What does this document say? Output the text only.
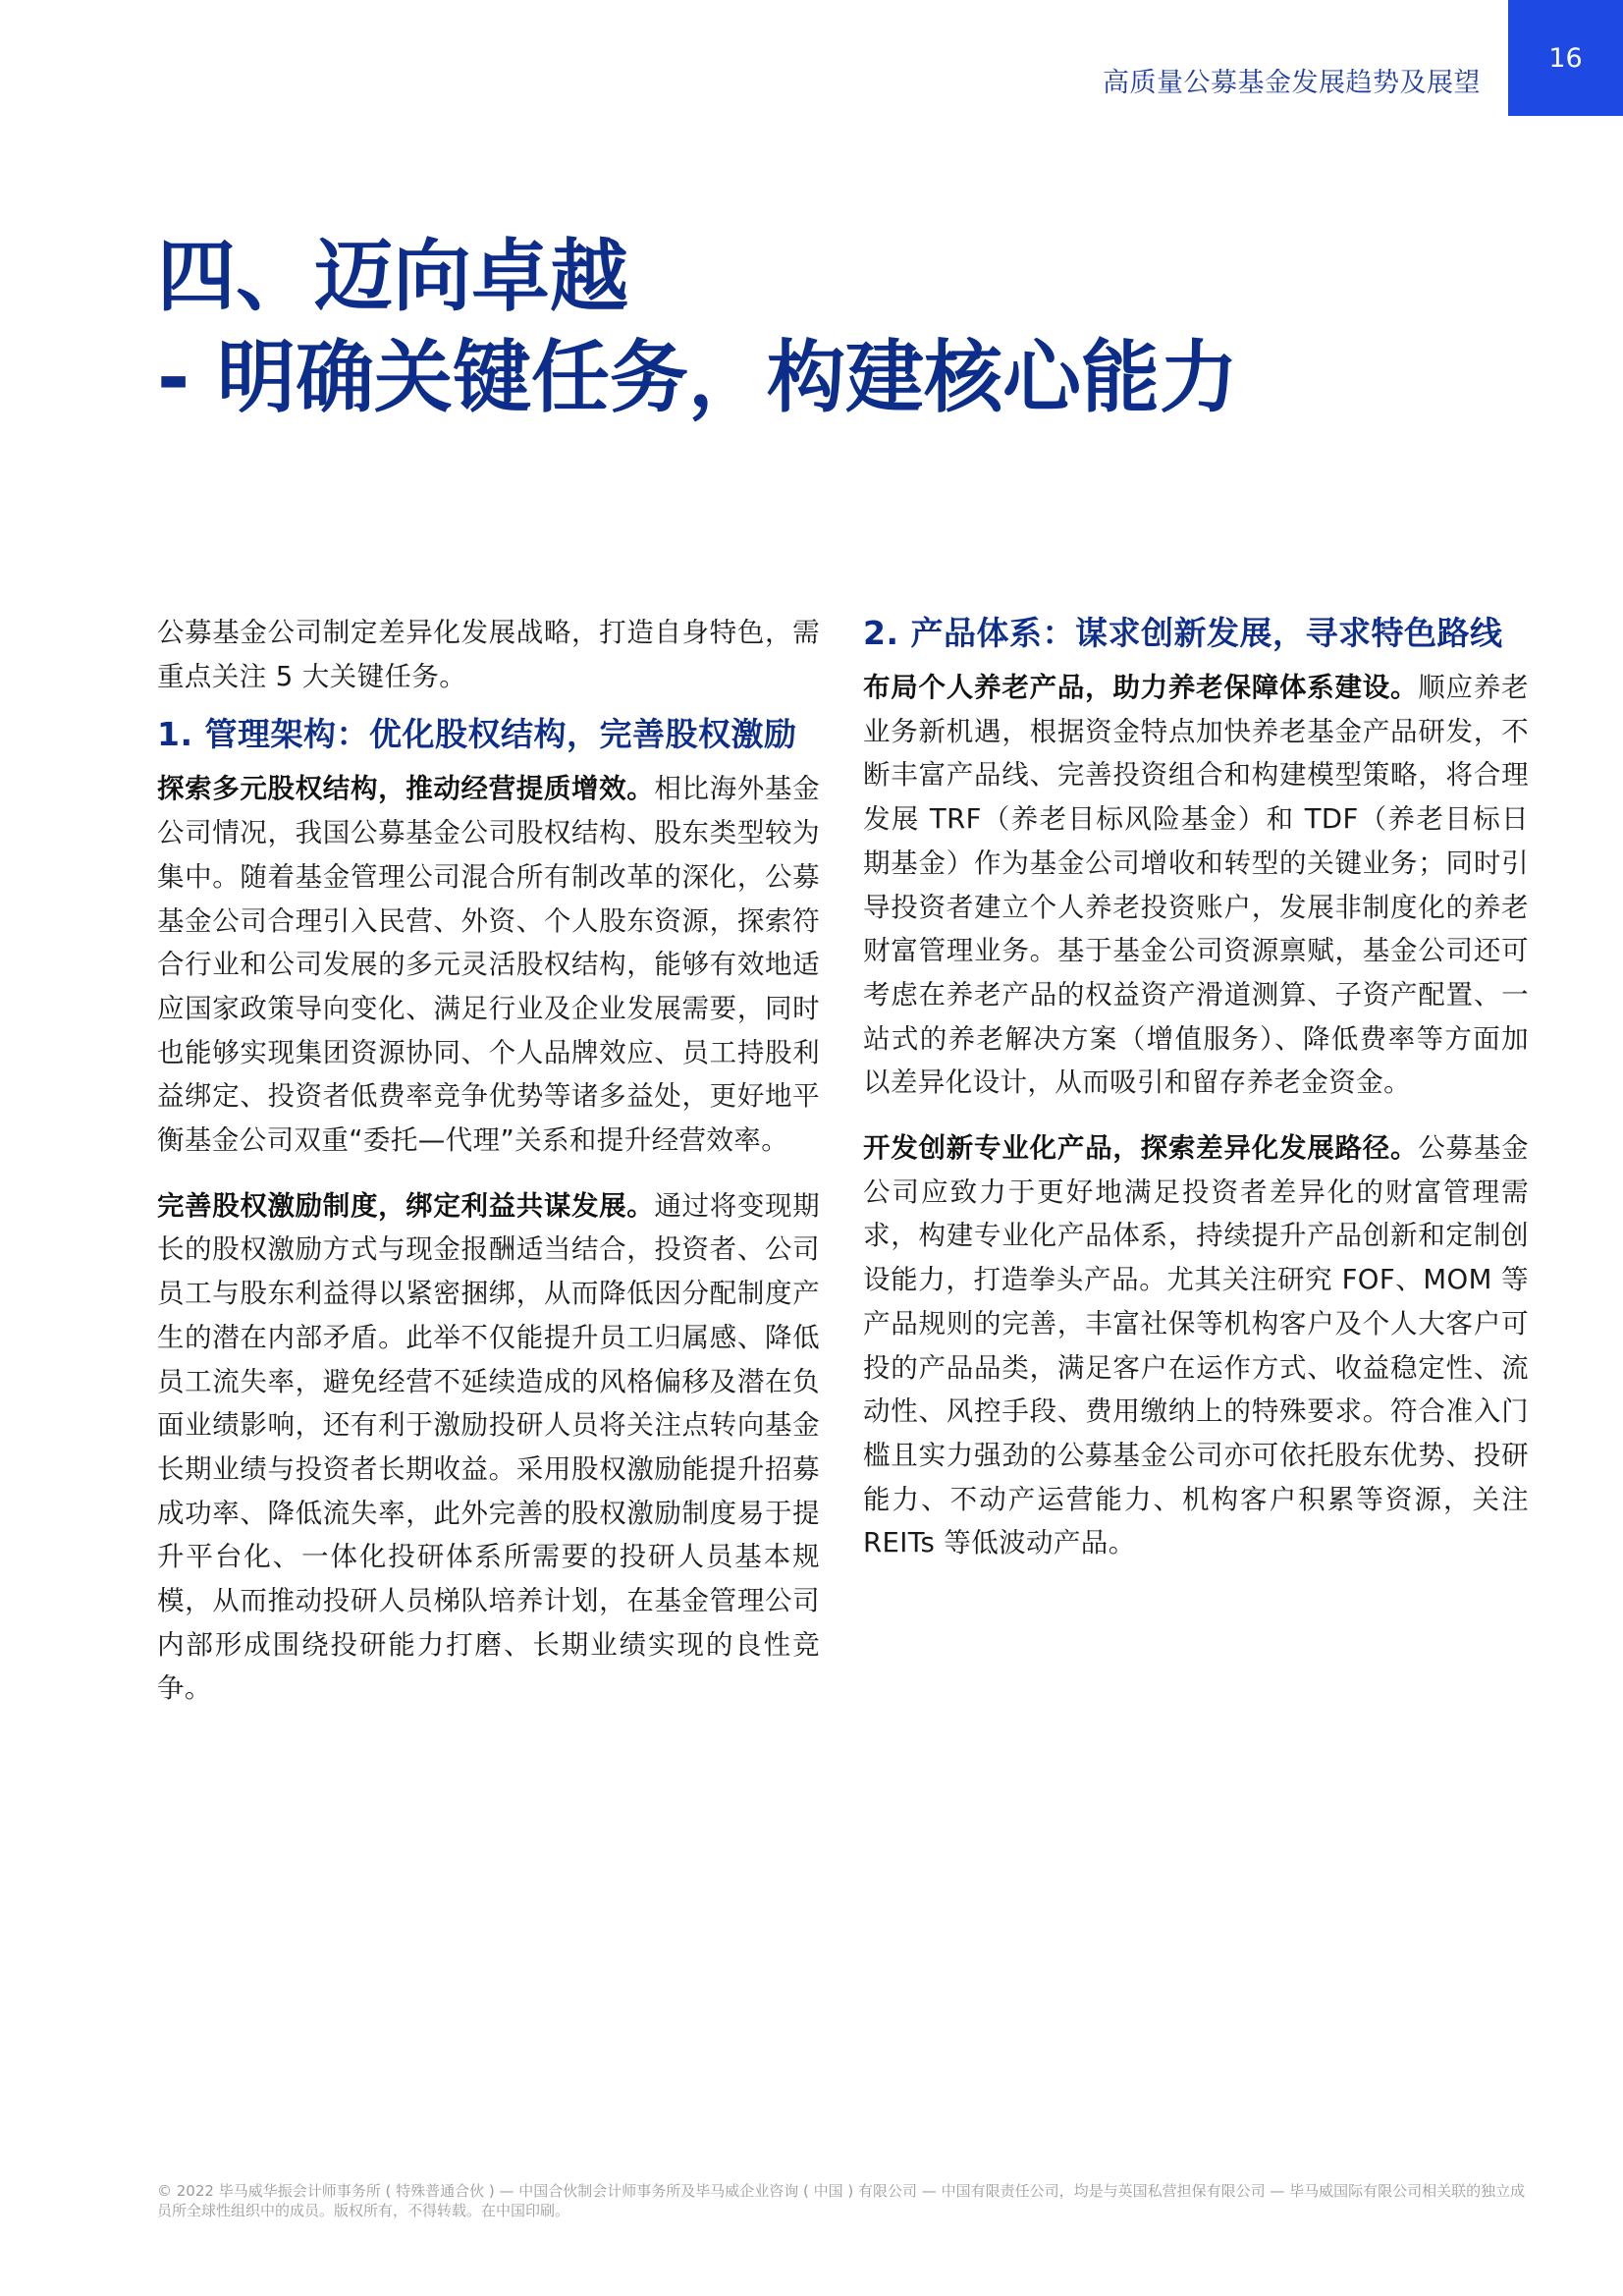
高质量公募基金发展趋势及展望
16
四、迈向卓越
- 明确关键任务，构建核心能力

公募基金公司制定差异化发展战略，打造自身特色，需重点关注 5 大关键任务。

1. 管理架构：优化股权结构，完善股权激励

探索多元股权结构，推动经营提质增效。相比海外基金公司情况，我国公募基金公司股权结构、股东类型较为集中。随着基金管理公司混合所有制改革的深化，公募基金公司合理引入民营、外资、个人股东资源，探索符合行业和公司发展的多元灵活股权结构，能够有效地适应国家政策导向变化、满足行业及企业发展需要，同时也能够实现集团资源协同、个人品牌效应、员工持股利益绑定、投资者低费率竞争优势等诸多益处，更好地平衡基金公司双重“委托—代理”关系和提升经营效率。

完善股权激励制度，绑定利益共谋发展。通过将变现期长的股权激励方式与现金报酬适当结合，投资者、公司员工与股东利益得以紧密捆绑，从而降低因分配制度产生的潜在内部矛盾。此举不仅能提升员工归属感、降低员工流失率，避免经营不延续造成的风格偏移及潜在负面业绩影响，还有利于激励投研人员将关注点转向基金长期业绩与投资者长期收益。采用股权激励能提升招募成功率、降低流失率，此外完善的股权激励制度易于提升平台化、一体化投研体系所需要的投研人员基本规模，从而推动投研人员梯队培养计划，在基金管理公司内部形成围绕投研能力打磨、长期业绩实现的良性竞争。

2. 产品体系：谋求创新发展，寻求特色路线

布局个人养老产品，助力养老保障体系建设。顺应养老业务新机遇，根据资金特点加快养老基金产品研发，不断丰富产品线、完善投资组合和构建模型策略，将合理发展 TRF（养老目标风险基金）和 TDF（养老目标日期基金）作为基金公司增收和转型的关键业务；同时引导投资者建立个人养老投资账户，发展非制度化的养老财富管理业务。基于基金公司资源禀赋，基金公司还可考虑在养老产品的权益资产滑道测算、子资产配置、一站式的养老解决方案（增值服务）、降低费率等方面加以差异化设计，从而吸引和留存养老金资金。

开发创新专业化产品，探索差异化发展路径。公募基金公司应致力于更好地满足投资者差异化的财富管理需求，构建专业化产品体系，持续提升产品创新和定制创设能力，打造拳头产品。尤其关注研究 FOF、MOM 等产品规则的完善，丰富社保等机构客户及个人大客户可投的产品品类，满足客户在运作方式、收益稳定性、流动性、风控手段、费用缴纳上的特殊要求。符合准入门槛且实力强劲的公募基金公司亦可依托股东优势、投研能力、不动产运营能力、机构客户积累等资源，关注 REITs 等低波动产品。

© 2022 毕马威华振会计师事务所 ( 特殊普通合伙 ) — 中国合伙制会计师事务所及毕马威企业咨询 ( 中国 ) 有限公司 — 中国有限责任公司，均是与英国私营担保有限公司 — 毕马威国际有限公司相关联的独立成员所全球性组织中的成员。版权所有，不得转载。在中国印刷。
